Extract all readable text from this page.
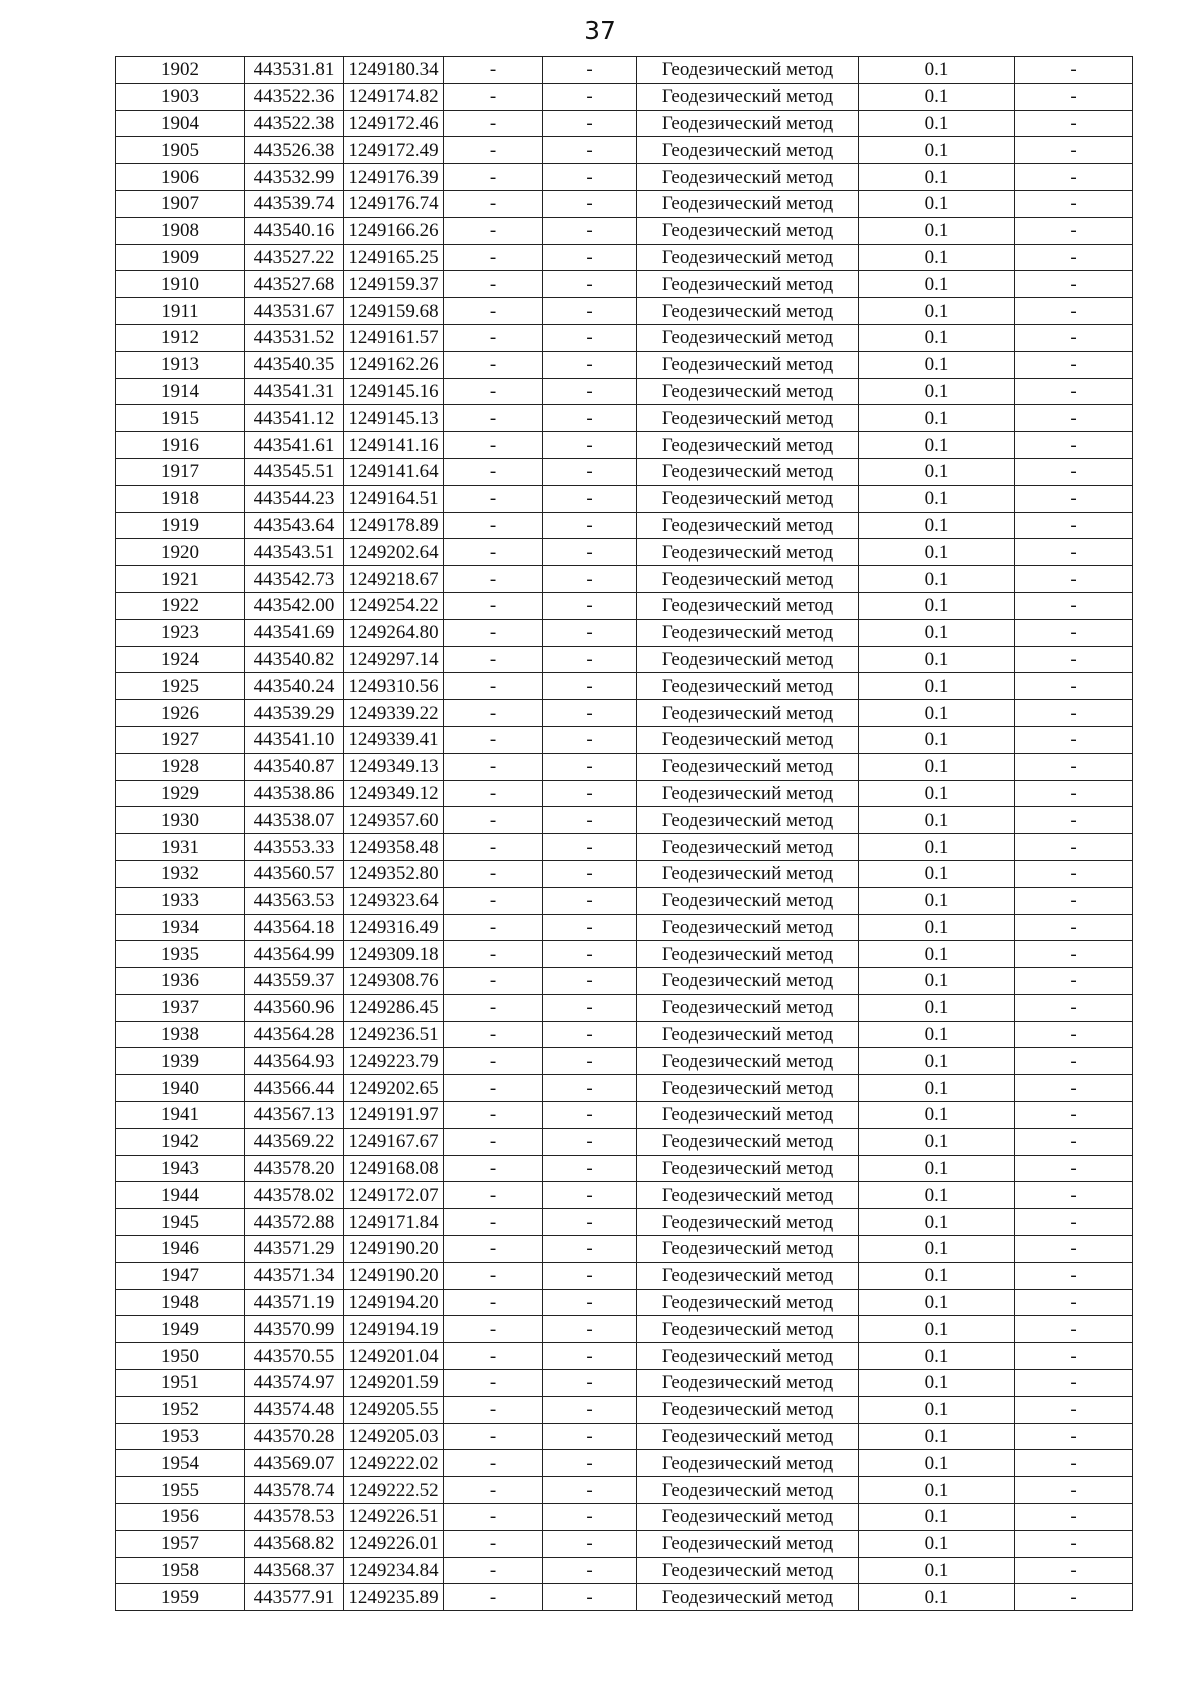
37
1902	443531.81	1249180.34	-	-	Геодезический метод	0.1	-
1903	443522.36	1249174.82	-	-	Геодезический метод	0.1	-
1904	443522.38	1249172.46	-	-	Геодезический метод	0.1	-
1905	443526.38	1249172.49	-	-	Геодезический метод	0.1	-
1906	443532.99	1249176.39	-	-	Геодезический метод	0.1	-
1907	443539.74	1249176.74	-	-	Геодезический метод	0.1	-
1908	443540.16	1249166.26	-	-	Геодезический метод	0.1	-
1909	443527.22	1249165.25	-	-	Геодезический метод	0.1	-
1910	443527.68	1249159.37	-	-	Геодезический метод	0.1	-
1911	443531.67	1249159.68	-	-	Геодезический метод	0.1	-
1912	443531.52	1249161.57	-	-	Геодезический метод	0.1	-
1913	443540.35	1249162.26	-	-	Геодезический метод	0.1	-
1914	443541.31	1249145.16	-	-	Геодезический метод	0.1	-
1915	443541.12	1249145.13	-	-	Геодезический метод	0.1	-
1916	443541.61	1249141.16	-	-	Геодезический метод	0.1	-
1917	443545.51	1249141.64	-	-	Геодезический метод	0.1	-
1918	443544.23	1249164.51	-	-	Геодезический метод	0.1	-
1919	443543.64	1249178.89	-	-	Геодезический метод	0.1	-
1920	443543.51	1249202.64	-	-	Геодезический метод	0.1	-
1921	443542.73	1249218.67	-	-	Геодезический метод	0.1	-
1922	443542.00	1249254.22	-	-	Геодезический метод	0.1	-
1923	443541.69	1249264.80	-	-	Геодезический метод	0.1	-
1924	443540.82	1249297.14	-	-	Геодезический метод	0.1	-
1925	443540.24	1249310.56	-	-	Геодезический метод	0.1	-
1926	443539.29	1249339.22	-	-	Геодезический метод	0.1	-
1927	443541.10	1249339.41	-	-	Геодезический метод	0.1	-
1928	443540.87	1249349.13	-	-	Геодезический метод	0.1	-
1929	443538.86	1249349.12	-	-	Геодезический метод	0.1	-
1930	443538.07	1249357.60	-	-	Геодезический метод	0.1	-
1931	443553.33	1249358.48	-	-	Геодезический метод	0.1	-
1932	443560.57	1249352.80	-	-	Геодезический метод	0.1	-
1933	443563.53	1249323.64	-	-	Геодезический метод	0.1	-
1934	443564.18	1249316.49	-	-	Геодезический метод	0.1	-
1935	443564.99	1249309.18	-	-	Геодезический метод	0.1	-
1936	443559.37	1249308.76	-	-	Геодезический метод	0.1	-
1937	443560.96	1249286.45	-	-	Геодезический метод	0.1	-
1938	443564.28	1249236.51	-	-	Геодезический метод	0.1	-
1939	443564.93	1249223.79	-	-	Геодезический метод	0.1	-
1940	443566.44	1249202.65	-	-	Геодезический метод	0.1	-
1941	443567.13	1249191.97	-	-	Геодезический метод	0.1	-
1942	443569.22	1249167.67	-	-	Геодезический метод	0.1	-
1943	443578.20	1249168.08	-	-	Геодезический метод	0.1	-
1944	443578.02	1249172.07	-	-	Геодезический метод	0.1	-
1945	443572.88	1249171.84	-	-	Геодезический метод	0.1	-
1946	443571.29	1249190.20	-	-	Геодезический метод	0.1	-
1947	443571.34	1249190.20	-	-	Геодезический метод	0.1	-
1948	443571.19	1249194.20	-	-	Геодезический метод	0.1	-
1949	443570.99	1249194.19	-	-	Геодезический метод	0.1	-
1950	443570.55	1249201.04	-	-	Геодезический метод	0.1	-
1951	443574.97	1249201.59	-	-	Геодезический метод	0.1	-
1952	443574.48	1249205.55	-	-	Геодезический метод	0.1	-
1953	443570.28	1249205.03	-	-	Геодезический метод	0.1	-
1954	443569.07	1249222.02	-	-	Геодезический метод	0.1	-
1955	443578.74	1249222.52	-	-	Геодезический метод	0.1	-
1956	443578.53	1249226.51	-	-	Геодезический метод	0.1	-
1957	443568.82	1249226.01	-	-	Геодезический метод	0.1	-
1958	443568.37	1249234.84	-	-	Геодезический метод	0.1	-
1959	443577.91	1249235.89	-	-	Геодезический метод	0.1	-
